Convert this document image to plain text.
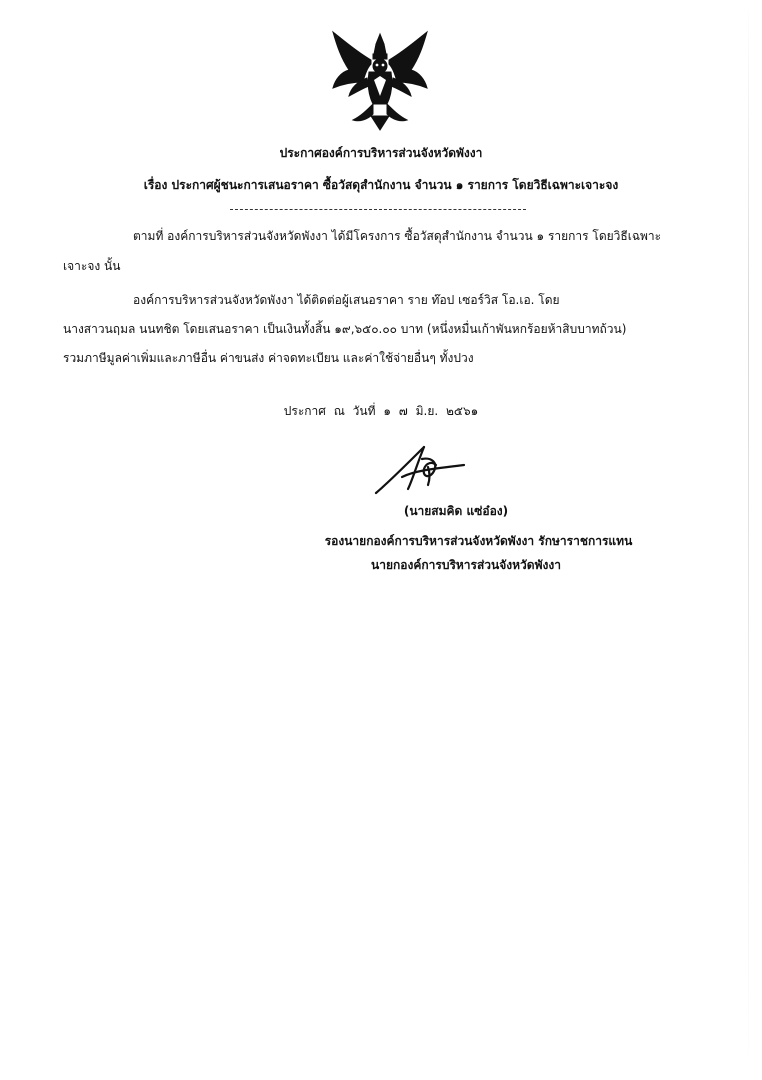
ประกาศองค์การบริหารส่วนจังหวัดพังงา
เรื่อง ประกาศผู้ชนะการเสนอราคา ซื้อวัสดุสำนักงาน จำนวน ๑ รายการ โดยวิธีเฉพาะเจาะจง
ตามที่ องค์การบริหารส่วนจังหวัดพังงา ได้มีโครงการ ซื้อวัสดุสำนักงาน จำนวน ๑ รายการ โดยวิธีเฉพาะ
เจาะจง นั้น
องค์การบริหารส่วนจังหวัดพังงา ได้ติดต่อผู้เสนอราคา ราย ท๊อป เซอร์วิส โอ.เอ. โดย
นางสาวนฤมล นนทชิต โดยเสนอราคา เป็นเงินทั้งสิ้น ๑๙,๖๕๐.๐๐ บาท (หนึ่งหมื่นเก้าพันหกร้อยห้าสิบบาทถ้วน)
รวมภาษีมูลค่าเพิ่มและภาษีอื่น ค่าขนส่ง ค่าจดทะเบียน และค่าใช้จ่ายอื่นๆ ทั้งปวง
ประกาศ ณ วันที่ ๑ ๗ มิ.ย. ๒๕๖๑
(นายสมคิด แซ่อ๋อง)
รองนายกองค์การบริหารส่วนจังหวัดพังงา รักษาราชการแทน
นายกองค์การบริหารส่วนจังหวัดพังงา
